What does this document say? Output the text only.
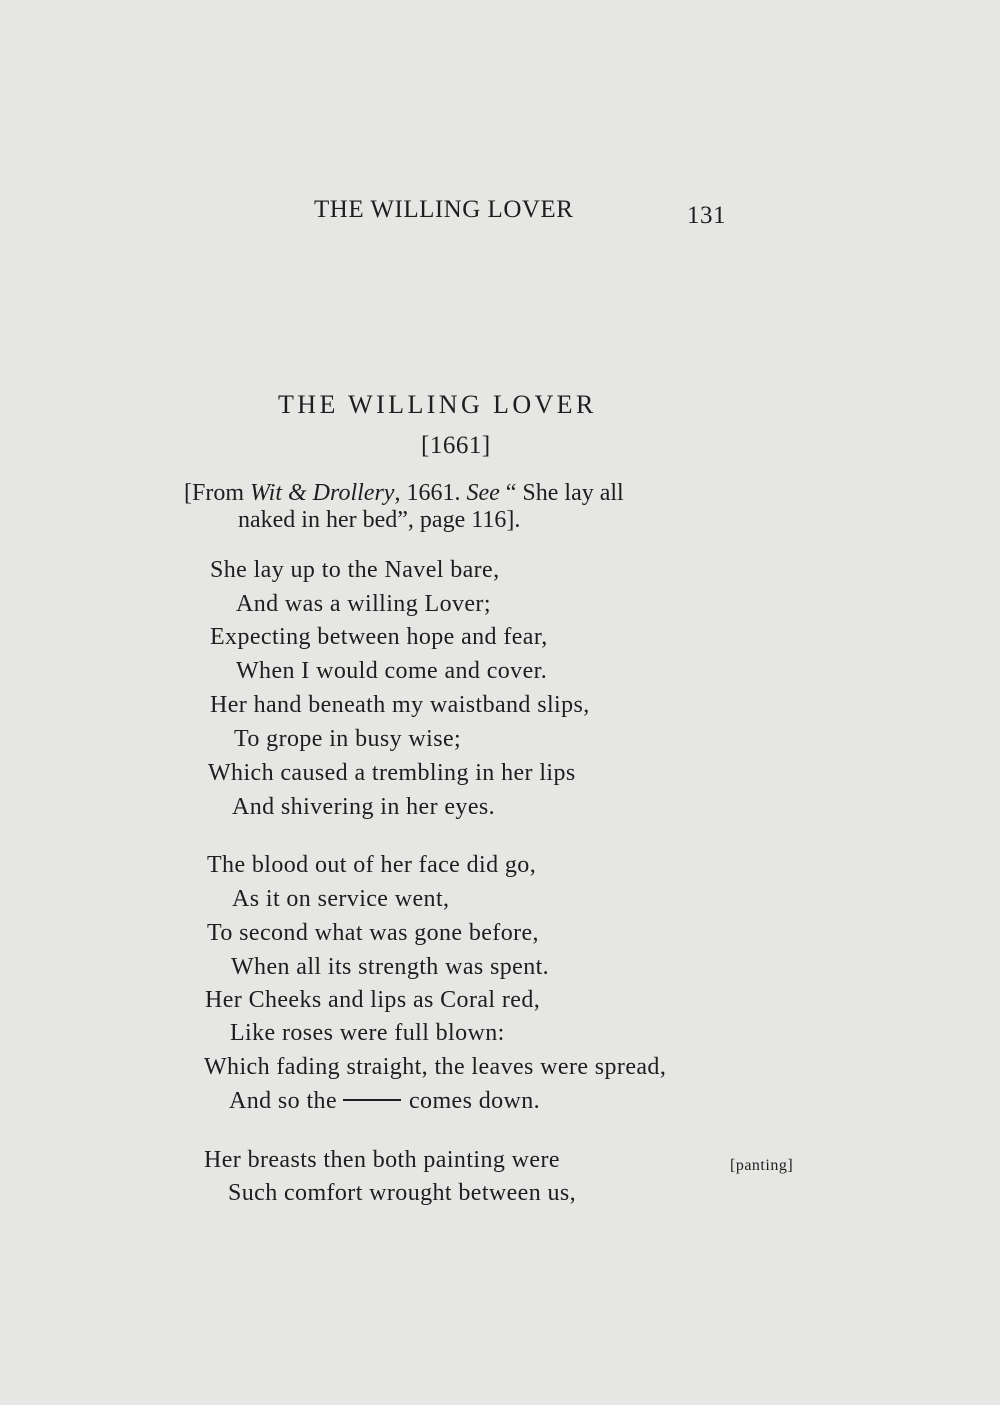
THE WILLING LOVER	131
THE WILLING LOVER
[1661]
[From Wit & Drollery, 1661. See “ She lay all
naked in her bed”, page 116].
She lay up to the Navel bare,
And was a willing Lover;
Expecting between hope and fear,
When I would come and cover.
Her hand beneath my waistband slips,
To grope in busy wise;
Which caused a trembling in her lips
And shivering in her eyes.
The blood out of her face did go,
As it on service went,
To second what was gone before,
When all its strength was spent.
Her Cheeks and lips as Coral red,
Like roses were full blown:
Which fading straight, the leaves were spread,
And so the	comes down.
Her breasts then both painting were
Such comfort wrought between us,
[panting]
